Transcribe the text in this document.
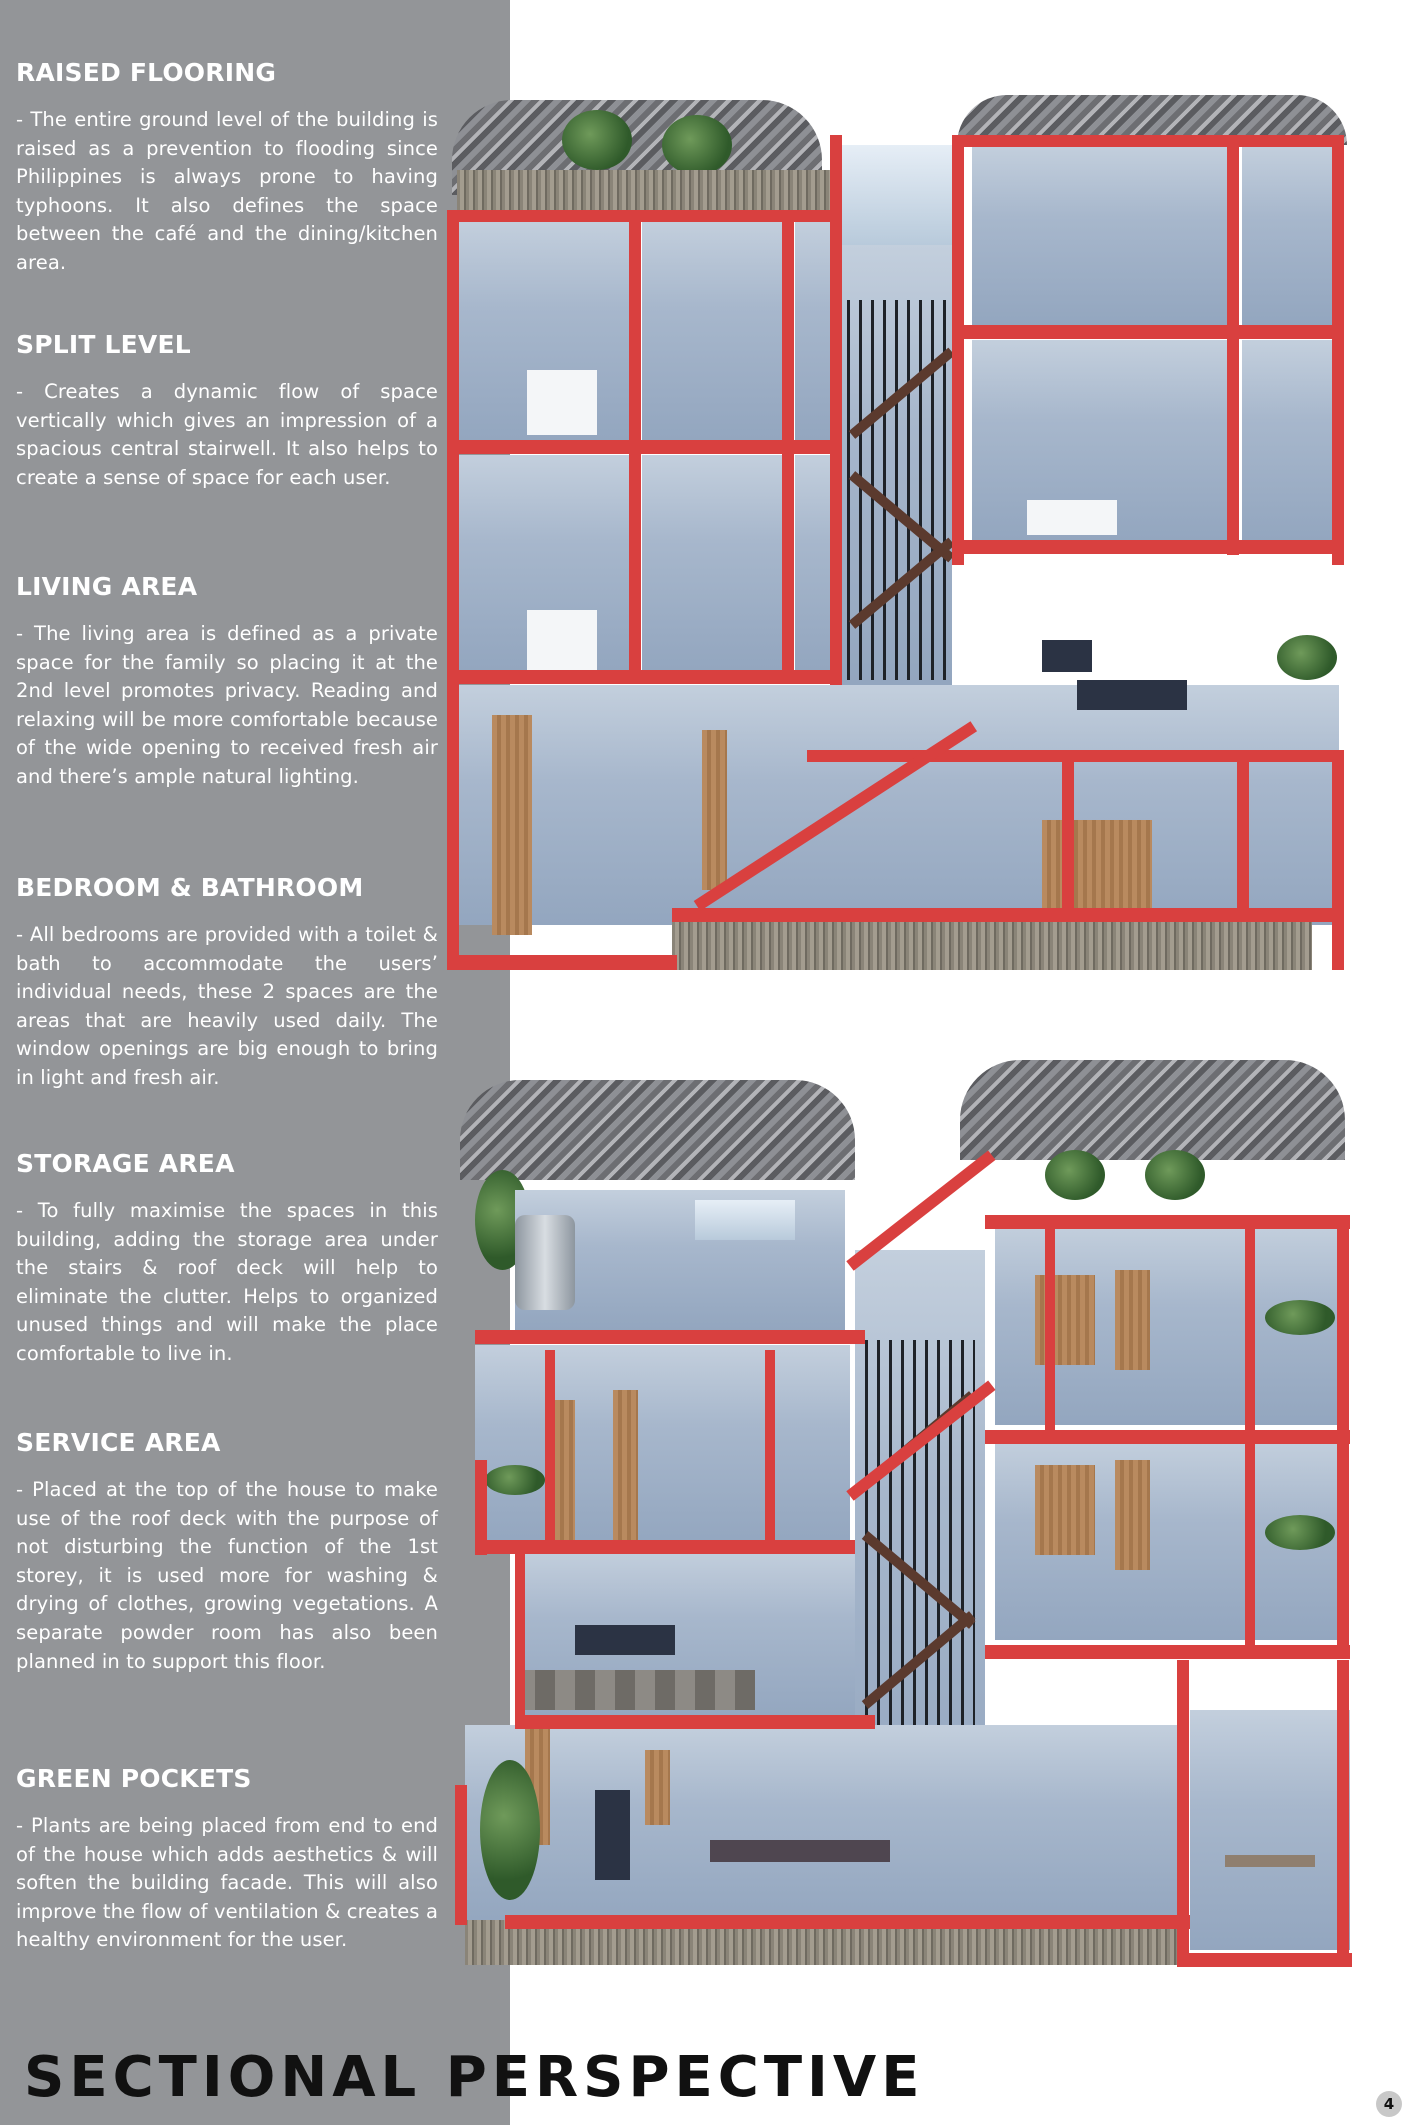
RAISED FLOORING

- The entire ground level of the building is raised as a prevention to flooding since Philippines is always prone to having typhoons. It also defines the space between the café and the dining/kitchen area.

SPLIT LEVEL

- Creates a dynamic flow of space vertically which gives an impression of a spacious central stairwell. It also helps to create a sense of space for each user.

LIVING AREA

- The living area is defined as a private space for the family so placing it at the 2nd level promotes privacy. Reading and relaxing will be more comfortable because of the wide opening to received fresh air and there’s ample natural lighting.

BEDROOM & BATHROOM

- All bedrooms are provided with a toilet & bath to accommodate the users’ individual needs, these 2 spaces are the areas that are heavily used daily. The window openings are big enough to bring in light and fresh air.

STORAGE AREA

- To fully maximise the spaces in this building, adding the storage area under the stairs & roof deck will help to eliminate the clutter. Helps to organized unused things and will make the place comfortable to live in.

SERVICE AREA

- Placed at the top of the house to make use of the roof deck with the purpose of not disturbing the function of the 1st storey, it is used more for washing & drying of clothes, growing vegetations. A separate powder room has also been planned in to support this floor.

GREEN POCKETS

- Plants are being placed from end to end of the house which adds aesthetics & will soften the building facade. This will also improve the flow of ventilation & creates a healthy environment for the user.

SECTIONAL PERSPECTIVE	4
